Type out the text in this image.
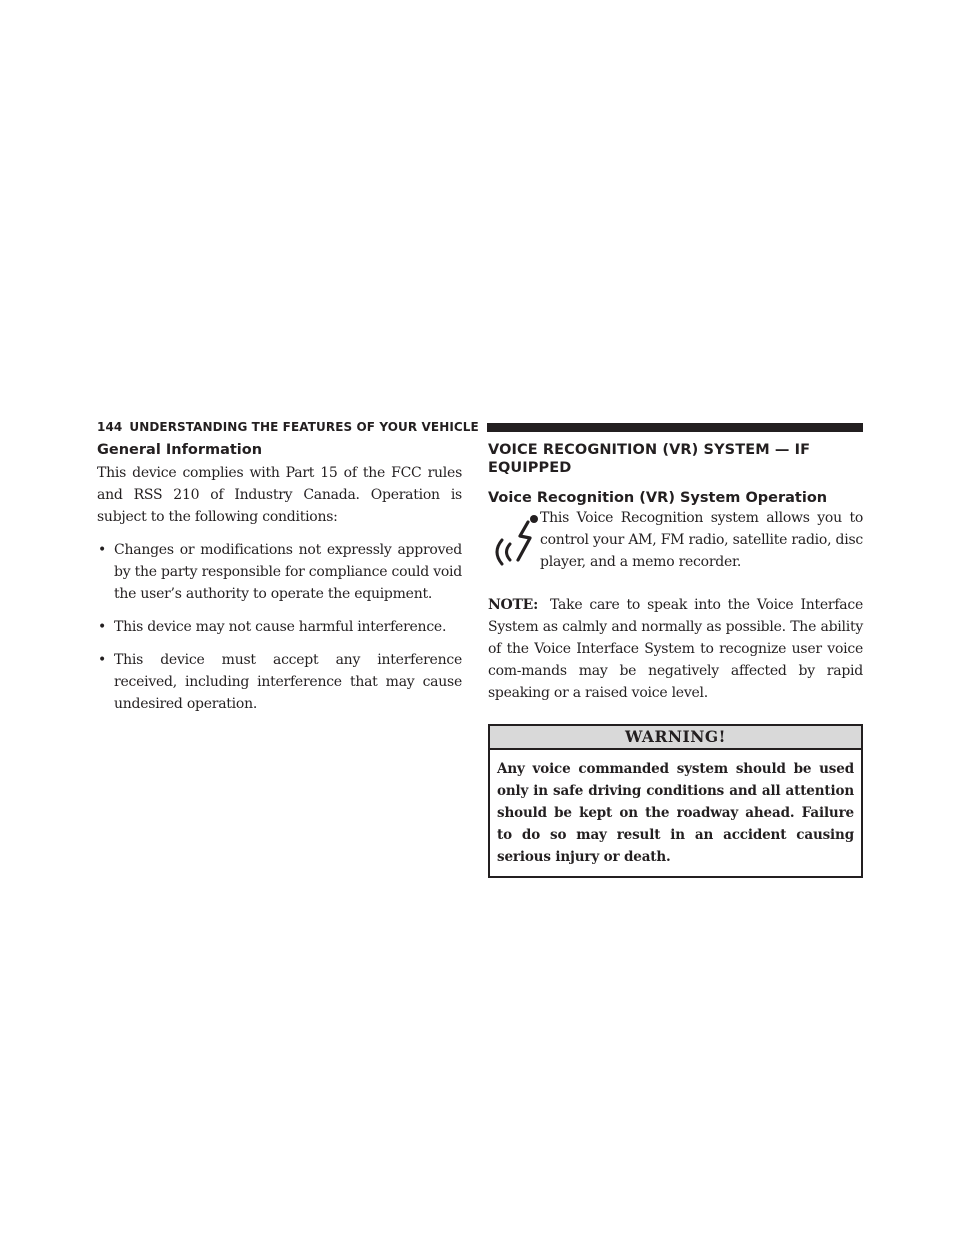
144 UNDERSTANDING THE FEATURES OF YOUR VEHICLE
General Information

This device complies with Part 15 of the FCC rules and RSS 210 of Industry Canada. Operation is subject to the following conditions:

• Changes or modifications not expressly approved by the party responsible for compliance could void the user’s authority to operate the equipment.
• This device may not cause harmful interference.
• This device must accept any interference received, including interference that may cause undesired operation.
VOICE RECOGNITION (VR) SYSTEM — IF
EQUIPPED
Voice Recognition (VR) System Operation

This Voice Recognition system allows you to control your AM, FM radio, satellite radio, disc player, and a memo recorder.

NOTE: Take care to speak into the Voice Interface System as calmly and normally as possible. The ability of the Voice Interface System to recognize user voice com-mands may be negatively affected by rapid speaking or a raised voice level.

WARNING!
Any voice commanded system should be used only in safe driving conditions and all attention should be kept on the roadway ahead. Failure to do so may result in an accident causing serious injury or death.
